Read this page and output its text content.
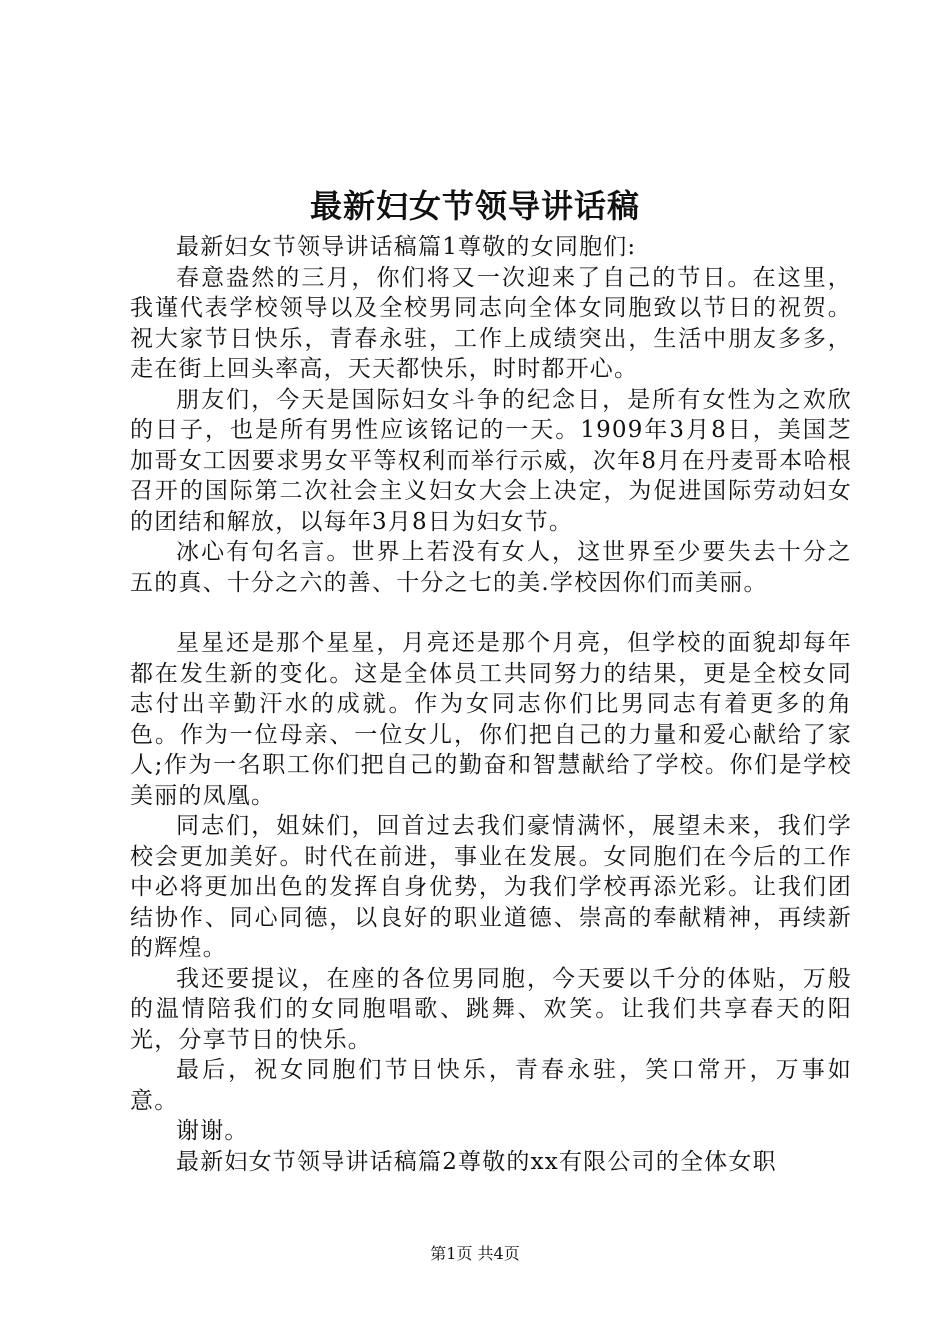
最新妇女节领导讲话稿

最新妇女节领导讲话稿篇1尊敬的女同胞们:

春意盎然的三月，你们将又一次迎来了自己的节日。在这里，我谨代表学校领导以及全校男同志向全体女同胞致以节日的祝贺。祝大家节日快乐，青春永驻，工作上成绩突出，生活中朋友多多，走在街上回头率高，天天都快乐，时时都开心。

朋友们，今天是国际妇女斗争的纪念日，是所有女性为之欢欣的日子，也是所有男性应该铭记的一天。1909年3月8日，美国芝加哥女工因要求男女平等权利而举行示威，次年8月在丹麦哥本哈根召开的国际第二次社会主义妇女大会上决定，为促进国际劳动妇女的团结和解放，以每年3月8日为妇女节。

冰心有句名言。世界上若没有女人，这世界至少要失去十分之五的真、十分之六的善、十分之七的美.学校因你们而美丽。

星星还是那个星星，月亮还是那个月亮，但学校的面貌却每年都在发生新的变化。这是全体员工共同努力的结果，更是全校女同志付出辛勤汗水的成就。作为女同志你们比男同志有着更多的角色。作为一位母亲、一位女儿，你们把自己的力量和爱心献给了家人;作为一名职工你们把自己的勤奋和智慧献给了学校。你们是学校美丽的凤凰。

同志们，姐妹们，回首过去我们豪情满怀，展望未来，我们学校会更加美好。时代在前进，事业在发展。女同胞们在今后的工作中必将更加出色的发挥自身优势，为我们学校再添光彩。让我们团结协作、同心同德，以良好的职业道德、崇高的奉献精神，再续新的辉煌。

我还要提议，在座的各位男同胞，今天要以千分的体贴，万般的温情陪我们的女同胞唱歌、跳舞、欢笑。让我们共享春天的阳光，分享节日的快乐。

最后，祝女同胞们节日快乐，青春永驻，笑口常开，万事如意。

谢谢。

最新妇女节领导讲话稿篇2尊敬的xx有限公司的全体女职

第1页 共4页
